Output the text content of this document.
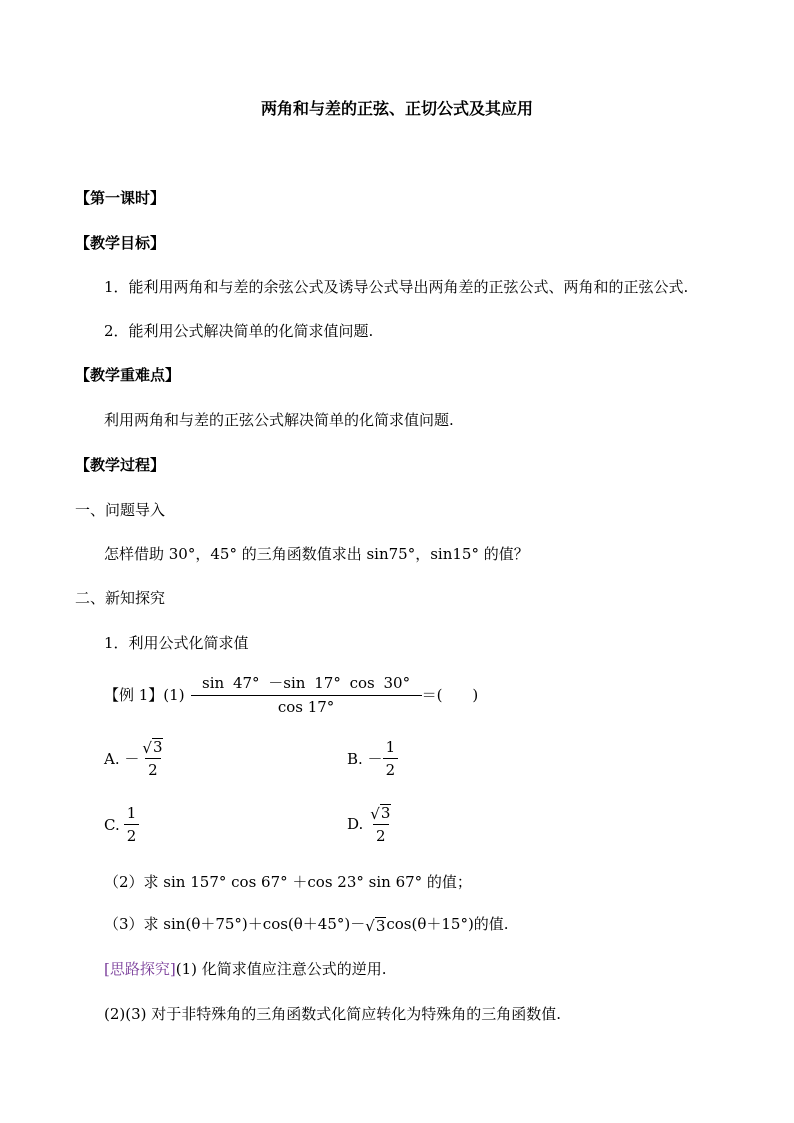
两角和与差的正弦、正切公式及其应用
【第一课时】
【教学目标】
1．能利用两角和与差的余弦公式及诱导公式导出两角差的正弦公式、两角和的正弦公式.
2．能利用公式解决简单的化简求值问题.
【教学重难点】
利用两角和与差的正弦公式解决简单的化简求值问题.
【教学过程】
一、问题导入
怎样借助 30°，45° 的三角函数值求出 sin75°，sin15° 的值？
二、新知探究
1．利用公式化简求值
【例 1】$(1) \frac{\sin 47^\circ -\sin 17^\circ \cos 30^\circ}{\cos 17^\circ}$ ＝(　　)
A. － $\frac{√ 3}{2}$	B. － $\frac{1}{2}$
C. $\frac{1}{2}$	D. $\frac{√ 3}{2}$
（2）求 sin 157° cos 67° ＋cos 23° sin 67° 的值；
（3）求 sin(θ＋75°)＋cos(θ＋45°)－ √ 3 cos(θ＋15°)的值.
[思路探究](1) 化简求值应注意公式的逆用.
(2)(3) 对于非特殊角的三角函数式化简应转化为特殊角的三角函数值.
